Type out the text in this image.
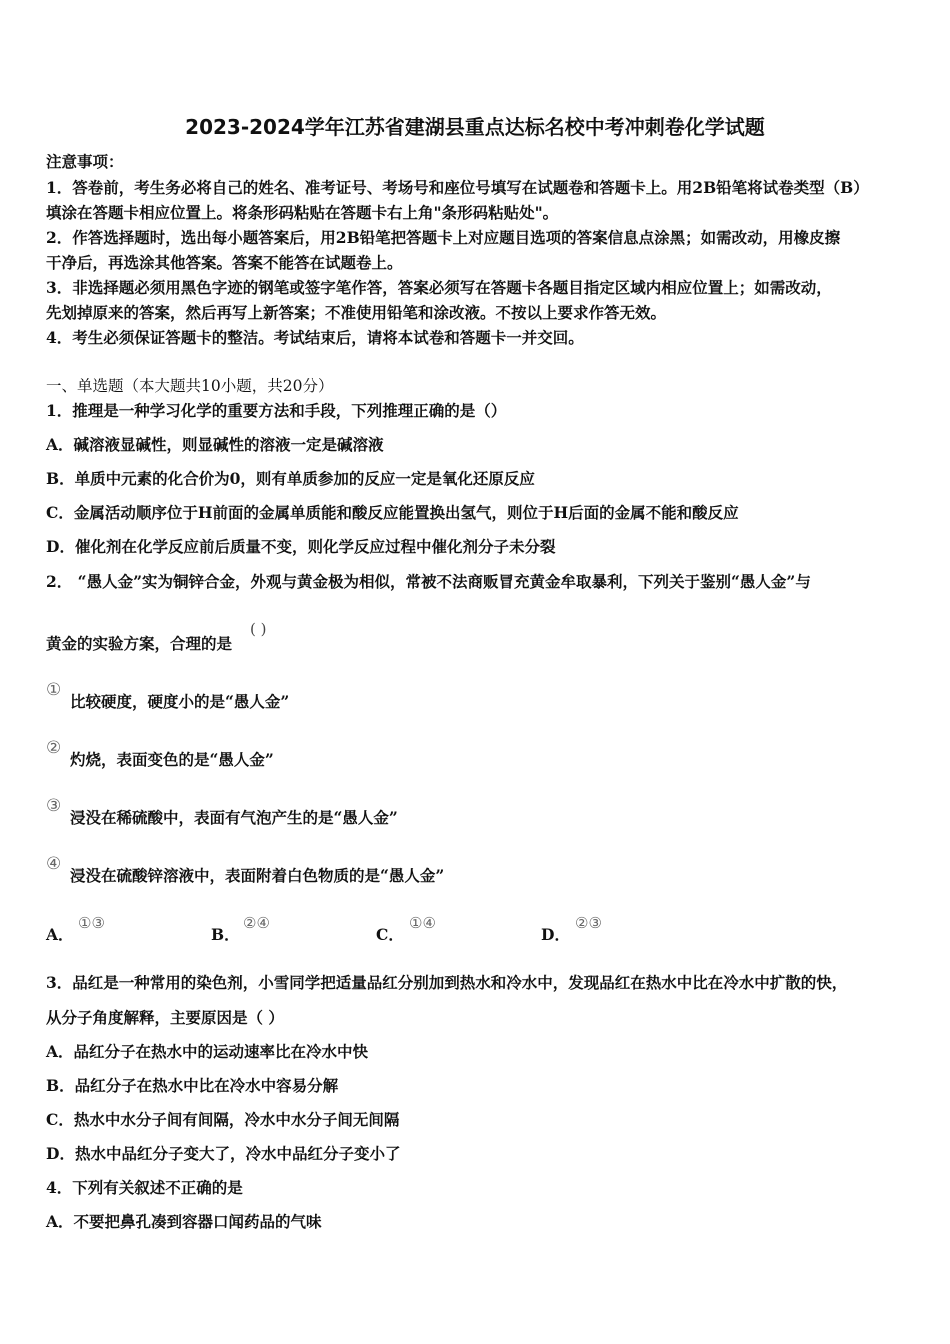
2023-2024学年江苏省建湖县重点达标名校中考冲刺卷化学试题
注意事项：
1．答卷前，考生务必将自己的姓名、准考证号、考场号和座位号填写在试题卷和答题卡上。用2B铅笔将试卷类型（B）
填涂在答题卡相应位置上。将条形码粘贴在答题卡右上角"条形码粘贴处"。
2．作答选择题时，选出每小题答案后，用2B铅笔把答题卡上对应题目选项的答案信息点涂黑；如需改动，用橡皮擦
干净后，再选涂其他答案。答案不能答在试题卷上。
3．非选择题必须用黑色字迹的钢笔或签字笔作答，答案必须写在答题卡各题目指定区域内相应位置上；如需改动，
先划掉原来的答案，然后再写上新答案；不准使用铅笔和涂改液。不按以上要求作答无效。
4．考生必须保证答题卡的整洁。考试结束后，请将本试卷和答题卡一并交回。
一、单选题（本大题共10小题，共20分）
1．推理是一种学习化学的重要方法和手段，下列推理正确的是（）
A．碱溶液显碱性，则显碱性的溶液一定是碱溶液
B．单质中元素的化合价为0，则有单质参加的反应一定是氧化还原反应
C．金属活动顺序位于H前面的金属单质能和酸反应能置换出氢气，则位于H后面的金属不能和酸反应
D．催化剂在化学反应前后质量不变，则化学反应过程中催化剂分子未分裂
2． “愚人金”实为铜锌合金，外观与黄金极为相似，常被不法商贩冒充黄金牟取暴利，下列关于鉴别“愚人金”与
黄金的实验方案，合理的是
( )
①
比较硬度，硬度小的是“愚人金”
②
灼烧，表面变色的是“愚人金”
③
浸没在稀硫酸中，表面有气泡产生的是“愚人金”
④
浸没在硫酸锌溶液中，表面附着白色物质的是“愚人金”
A．
①③
B．
②④
C．
①④
D．
②③
3．品红是一种常用的染色剂，小雪同学把适量品红分别加到热水和冷水中，发现品红在热水中比在冷水中扩散的快，
从分子角度解释，主要原因是（ ）
A．品红分子在热水中的运动速率比在冷水中快
B．品红分子在热水中比在冷水中容易分解
C．热水中水分子间有间隔，冷水中水分子间无间隔
D．热水中品红分子变大了，冷水中品红分子变小了
4．下列有关叙述不正确的是
A．不要把鼻孔凑到容器口闻药品的气味
